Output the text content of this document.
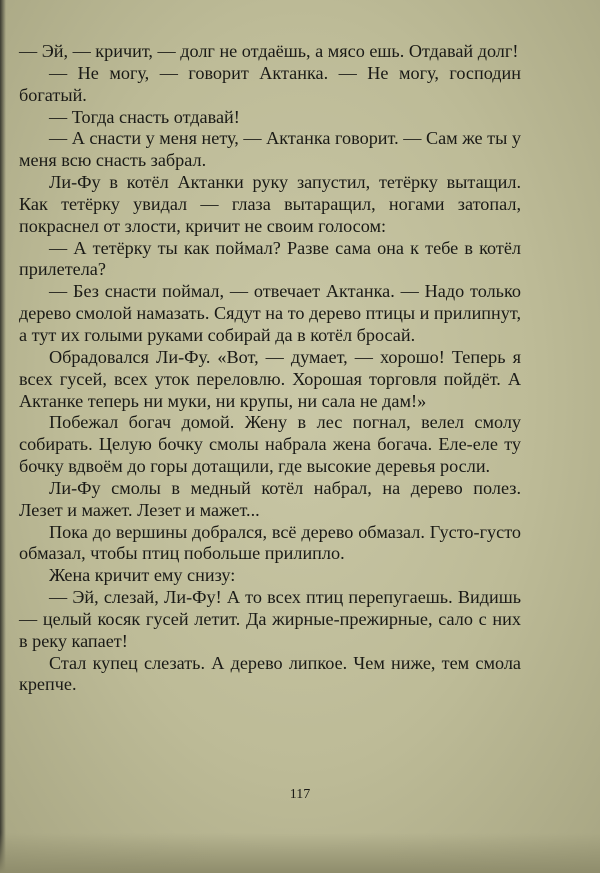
— Эй, — кричит, — долг не отдаёшь, а мясо ешь. Отдавай долг!

— Не могу, — говорит Актанка. — Не могу, господин богатый.

— Тогда снасть отдавай!

— А снасти у меня нету, — Актанка говорит. — Сам же ты у меня всю снасть забрал.

Ли-Фу в котёл Актанки руку запустил, тетёрку вытащил. Как тетёрку увидал — глаза вытаращил, ногами затопал, покраснел от злости, кричит не своим голосом:

— А тетёрку ты как поймал? Разве сама она к тебе в котёл прилетела?

— Без снасти поймал, — отвечает Актанка. — Надо только дерево смолой намазать. Сядут на то дерево птицы и прилипнут, а тут их голыми руками собирай да в котёл бросай.

Обрадовался Ли-Фу. «Вот, — думает, — хорошо! Теперь я всех гусей, всех уток переловлю. Хорошая торговля пойдёт. А Актанке теперь ни муки, ни крупы, ни сала не дам!»

Побежал богач домой. Жену в лес погнал, велел смолу собирать. Целую бочку смолы набрала жена богача. Еле-еле ту бочку вдвоём до горы дотащили, где высокие деревья росли.

Ли-Фу смолы в медный котёл набрал, на дерево полез. Лезет и мажет. Лезет и мажет...

Пока до вершины добрался, всё дерево обмазал. Густо-густо обмазал, чтобы птиц побольше прилипло.

Жена кричит ему снизу:

— Эй, слезай, Ли-Фу! А то всех птиц перепугаешь. Видишь — целый косяк гусей летит. Да жирные-прежирные, сало с них в реку капает!

Стал купец слезать. А дерево липкое. Чем ниже, тем смола крепче.

117
